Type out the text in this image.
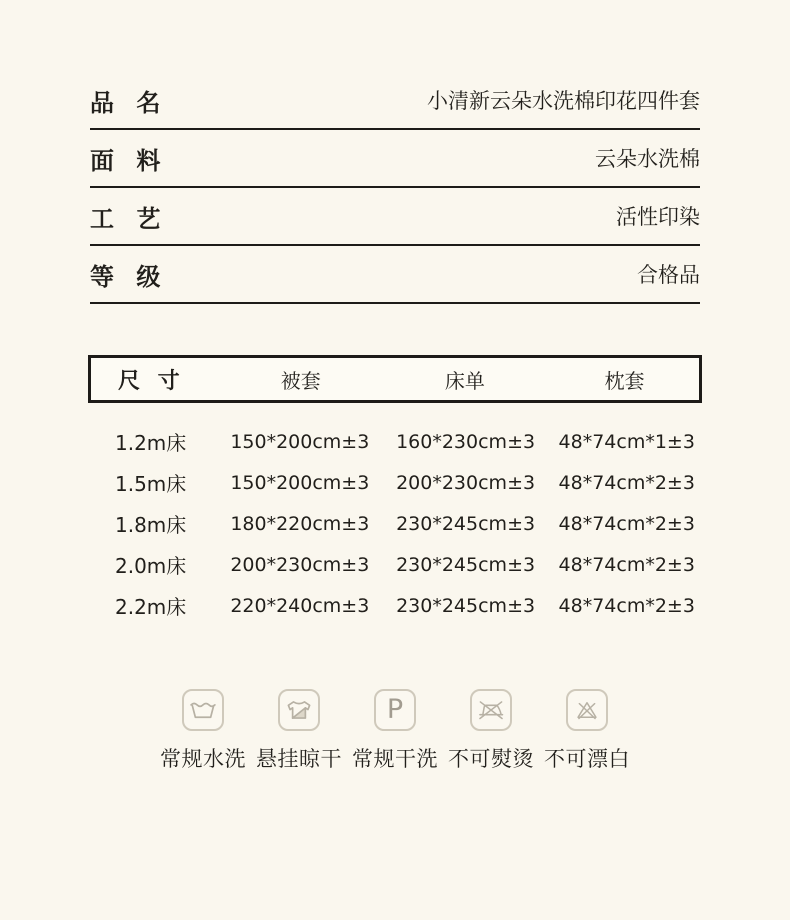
品 名	小清新云朵水洗棉印花四件套
面 料	云朵水洗棉
工 艺	活性印染
等 级	合格品
尺 寸	被套	床单	枕套
1.2m床	150*200cm±3	160*230cm±3	48*74cm*1±3
1.5m床	150*200cm±3	200*230cm±3	48*74cm*2±3
1.8m床	180*220cm±3	230*245cm±3	48*74cm*2±3
2.0m床	200*230cm±3	230*245cm±3	48*74cm*2±3
2.2m床	220*240cm±3	230*245cm±3	48*74cm*2±3
常规水洗 悬挂晾干
P
常规干洗 不可熨烫 不可漂白
